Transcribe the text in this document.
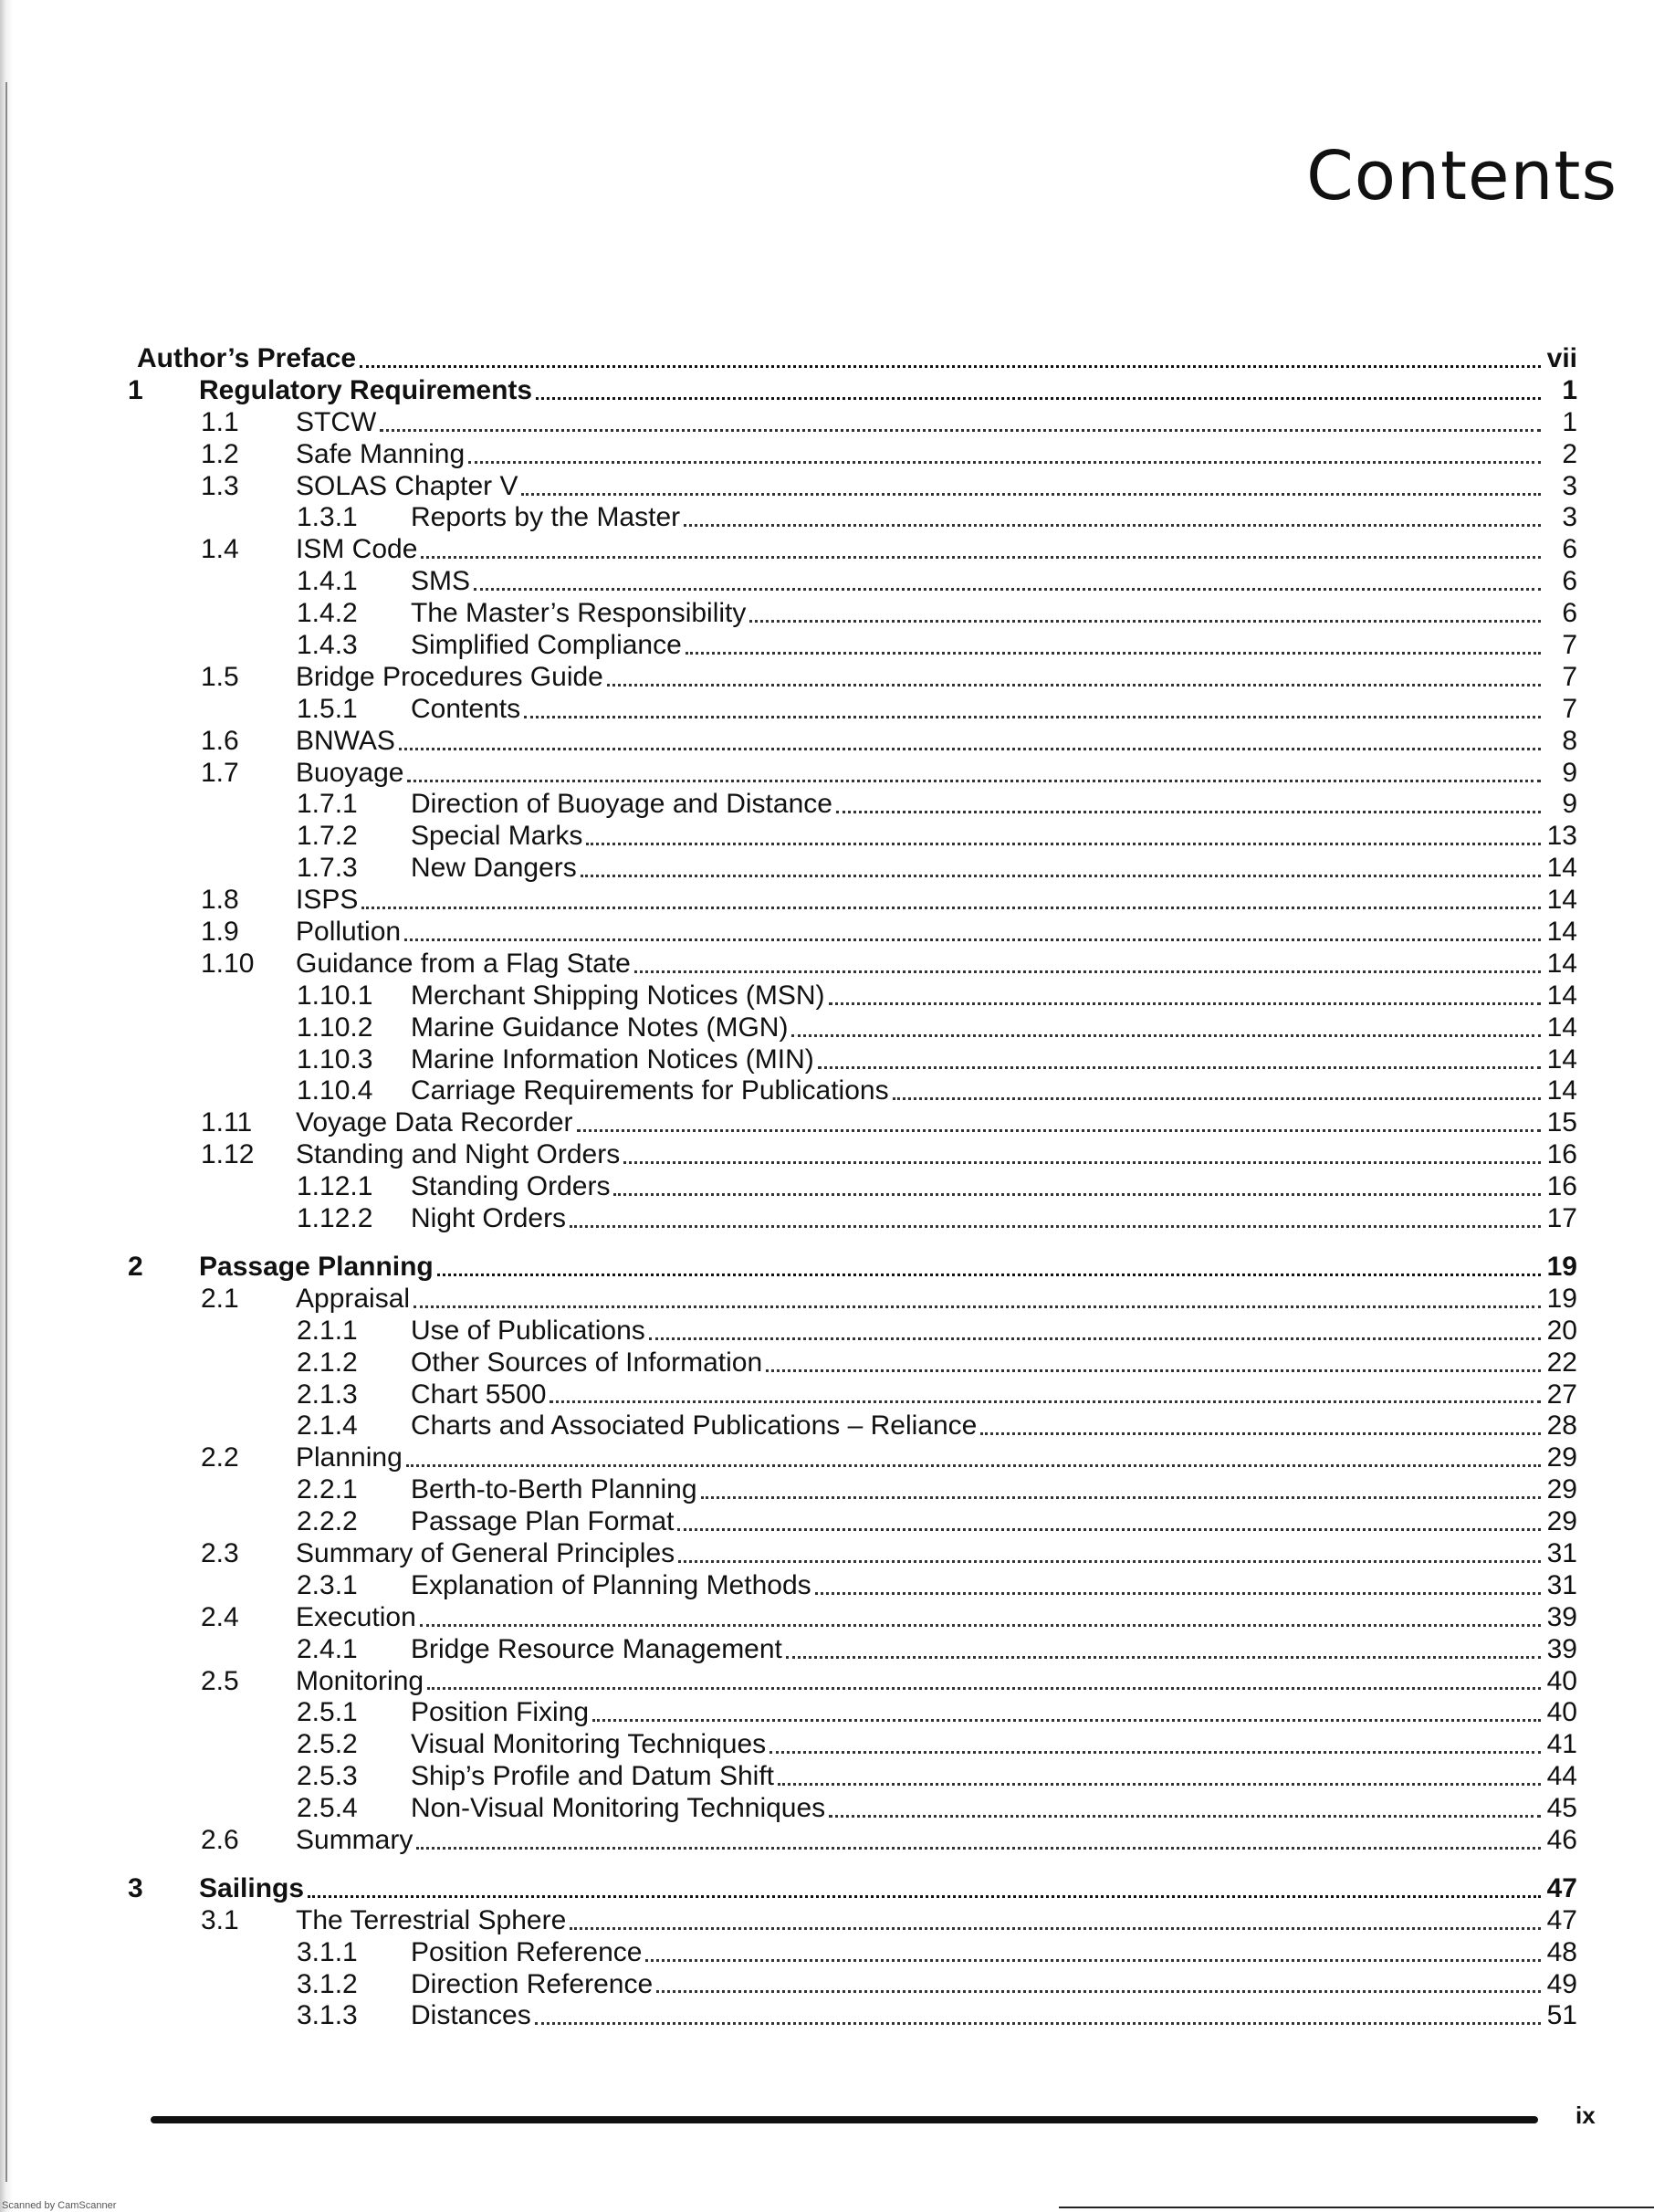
Contents
Author’s Preface	vii
1	Regulatory Requirements	1
1.1	STCW	1
1.2	Safe Manning	2
1.3	SOLAS Chapter V	3
1.3.1	Reports by the Master	3
1.4	ISM Code	6
1.4.1	SMS	6
1.4.2	The Master’s Responsibility	6
1.4.3	Simplified Compliance	7
1.5	Bridge Procedures Guide	7
1.5.1	Contents	7
1.6	BNWAS	8
1.7	Buoyage	9
1.7.1	Direction of Buoyage and Distance	9
1.7.2	Special Marks	13
1.7.3	New Dangers	14
1.8	ISPS	14
1.9	Pollution	14
1.10	Guidance from a Flag State	14
1.10.1	Merchant Shipping Notices (MSN)	14
1.10.2	Marine Guidance Notes (MGN)	14
1.10.3	Marine Information Notices (MIN)	14
1.10.4	Carriage Requirements for Publications	14
1.11	Voyage Data Recorder	15
1.12	Standing and Night Orders	16
1.12.1	Standing Orders	16
1.12.2	Night Orders	17
2	Passage Planning	19
2.1	Appraisal	19
2.1.1	Use of Publications	20
2.1.2	Other Sources of Information	22
2.1.3	Chart 5500	27
2.1.4	Charts and Associated Publications – Reliance	28
2.2	Planning	29
2.2.1	Berth-to-Berth Planning	29
2.2.2	Passage Plan Format	29
2.3	Summary of General Principles	31
2.3.1	Explanation of Planning Methods	31
2.4	Execution	39
2.4.1	Bridge Resource Management	39
2.5	Monitoring	40
2.5.1	Position Fixing	40
2.5.2	Visual Monitoring Techniques	41
2.5.3	Ship’s Profile and Datum Shift	44
2.5.4	Non-Visual Monitoring Techniques	45
2.6	Summary	46
3	Sailings	47
3.1	The Terrestrial Sphere	47
3.1.1	Position Reference	48
3.1.2	Direction Reference	49
3.1.3	Distances	51
ix
Scanned by CamScanner
